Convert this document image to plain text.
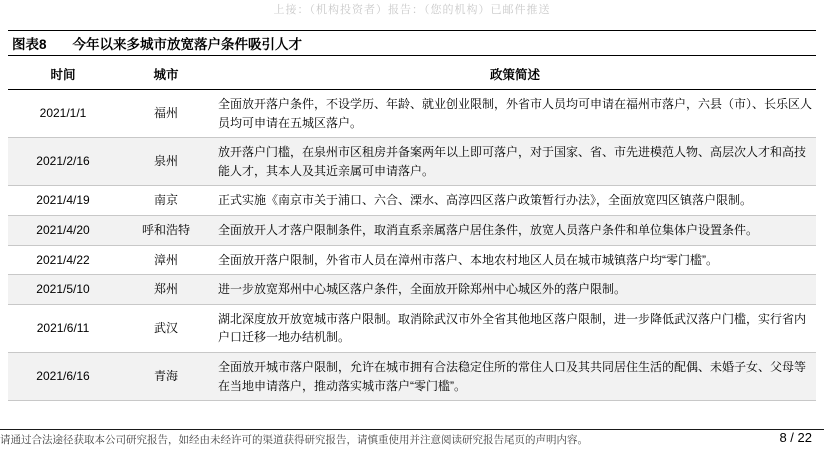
上接：（机构投资者）报告：（您的机构）已邮件推送
图表8	今年以来多城市放宽落户条件吸引人才
时间	城市	政策简述
2021/1/1	福州	全面放开落户条件，不设学历、年龄、就业创业限制，外省市人员均可申请在福州市落户，六县（市）、长乐区人员均可申请在五城区落户。
2021/2/16	泉州	放开落户门槛，在泉州市区租房并备案两年以上即可落户，对于国家、省、市先进模范人物、高层次人才和高技能人才，其本人及其近亲属可申请落户。
2021/4/19	南京	正式实施《南京市关于浦口、六合、溧水、高淳四区落户政策暂行办法》，全面放宽四区镇落户限制。
2021/4/20	呼和浩特	全面放开人才落户限制条件，取消直系亲属落户居住条件，放宽人员落户条件和单位集体户设置条件。
2021/4/22	漳州	全面放开落户限制，外省市人员在漳州市落户、本地农村地区人员在城市城镇落户均“零门槛”。
2021/5/10	郑州	进一步放宽郑州中心城区落户条件，全面放开除郑州中心城区外的落户限制。
2021/6/11	武汉	湖北深度放开放宽城市落户限制。取消除武汉市外全省其他地区落户限制，进一步降低武汉落户门槛，实行省内户口迁移一地办结机制。
2021/6/16	青海	全面放开城市落户限制，允许在城市拥有合法稳定住所的常住人口及其共同居住生活的配偶、未婚子女、父母等在当地申请落户，推动落实城市落户“零门槛”。
请通过合法途径获取本公司研究报告，如经由未经许可的渠道获得研究报告，请慎重使用并注意阅读研究报告尾页的声明内容。	8 / 22
